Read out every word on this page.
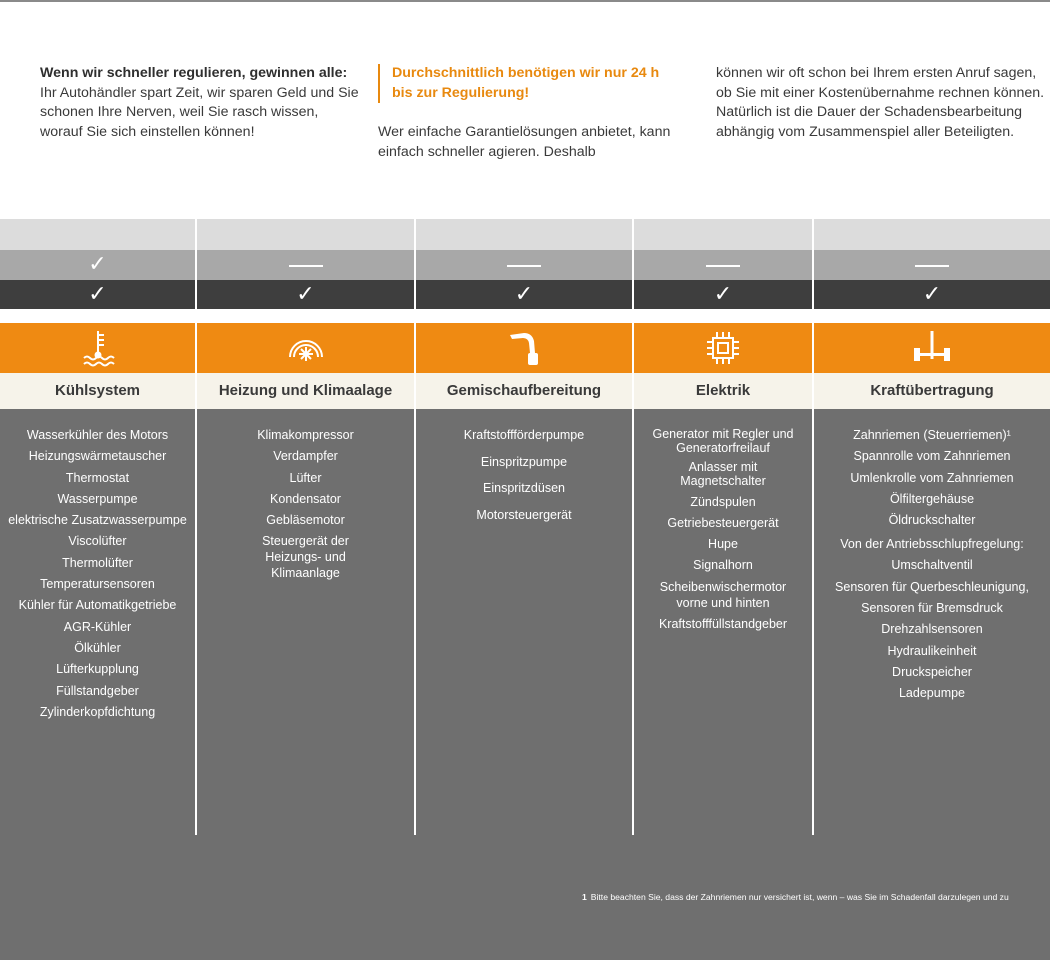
Wenn wir schneller regulieren, gewinnen alle: Ihr Autohändler spart Zeit, wir sparen Geld und Sie schonen Ihre Nerven, weil Sie rasch wissen, worauf Sie sich einstellen können!
Durchschnittlich benötigen wir nur 24 h bis zur Regulierung!
Wer einfache Garantielösungen anbietet, kann einfach schneller agieren. Deshalb
können wir oft schon bei Ihrem ersten Anruf sagen, ob Sie mit einer Kostenübernahme rechnen können. Natürlich ist die Dauer der Schadensbearbeitung abhängig vom Zusammenspiel aller Beteiligten.
✓
✓
Kühlsystem
Wasserkühler des Motors
Heizungswärmetauscher
Thermostat
Wasserpumpe
elektrische Zusatzwasserpumpe
Viscolüfter
Thermolüfter
Temperatursensoren
Kühler für Automatikgetriebe
AGR-Kühler
Ölkühler
Lüfterkupplung
Füllstandgeber
Zylinderkopfdichtung
✓
Heizung und Klimaalage
Klimakompressor
Verdampfer
Lüfter
Kondensator
Gebläsemotor
Steuergerät der Heizungs- und Klimaanlage
✓
Gemischaufbereitung
Kraftstoffförderpumpe
Einspritzpumpe
Einspritzdüsen
Motorsteuergerät
✓
Elektrik
Generator mit Regler und Generatorfreilauf
Anlasser mit Magnetschalter
Zündspulen
Getriebesteuergerät
Hupe
Signalhorn
Scheibenwischermotor vorne und hinten
Kraftstofffüllstandgeber
✓
Kraftübertragung
Zahnriemen (Steuerriemen)¹
Spannrolle vom Zahnriemen
Umlenkrolle vom Zahnriemen
Ölfiltergehäuse
Öldruckschalter
Von der Antriebsschlupfregelung:
Umschaltventil
Sensoren für Querbeschleunigung,
Sensoren für Bremsdruck
Drehzahlsensoren
Hydraulikeinheit
Druckspeicher
Ladepumpe
1 Bitte beachten Sie, dass der Zahnriemen nur versichert ist, wenn – was Sie im Schadenfall darzulegen und zu
